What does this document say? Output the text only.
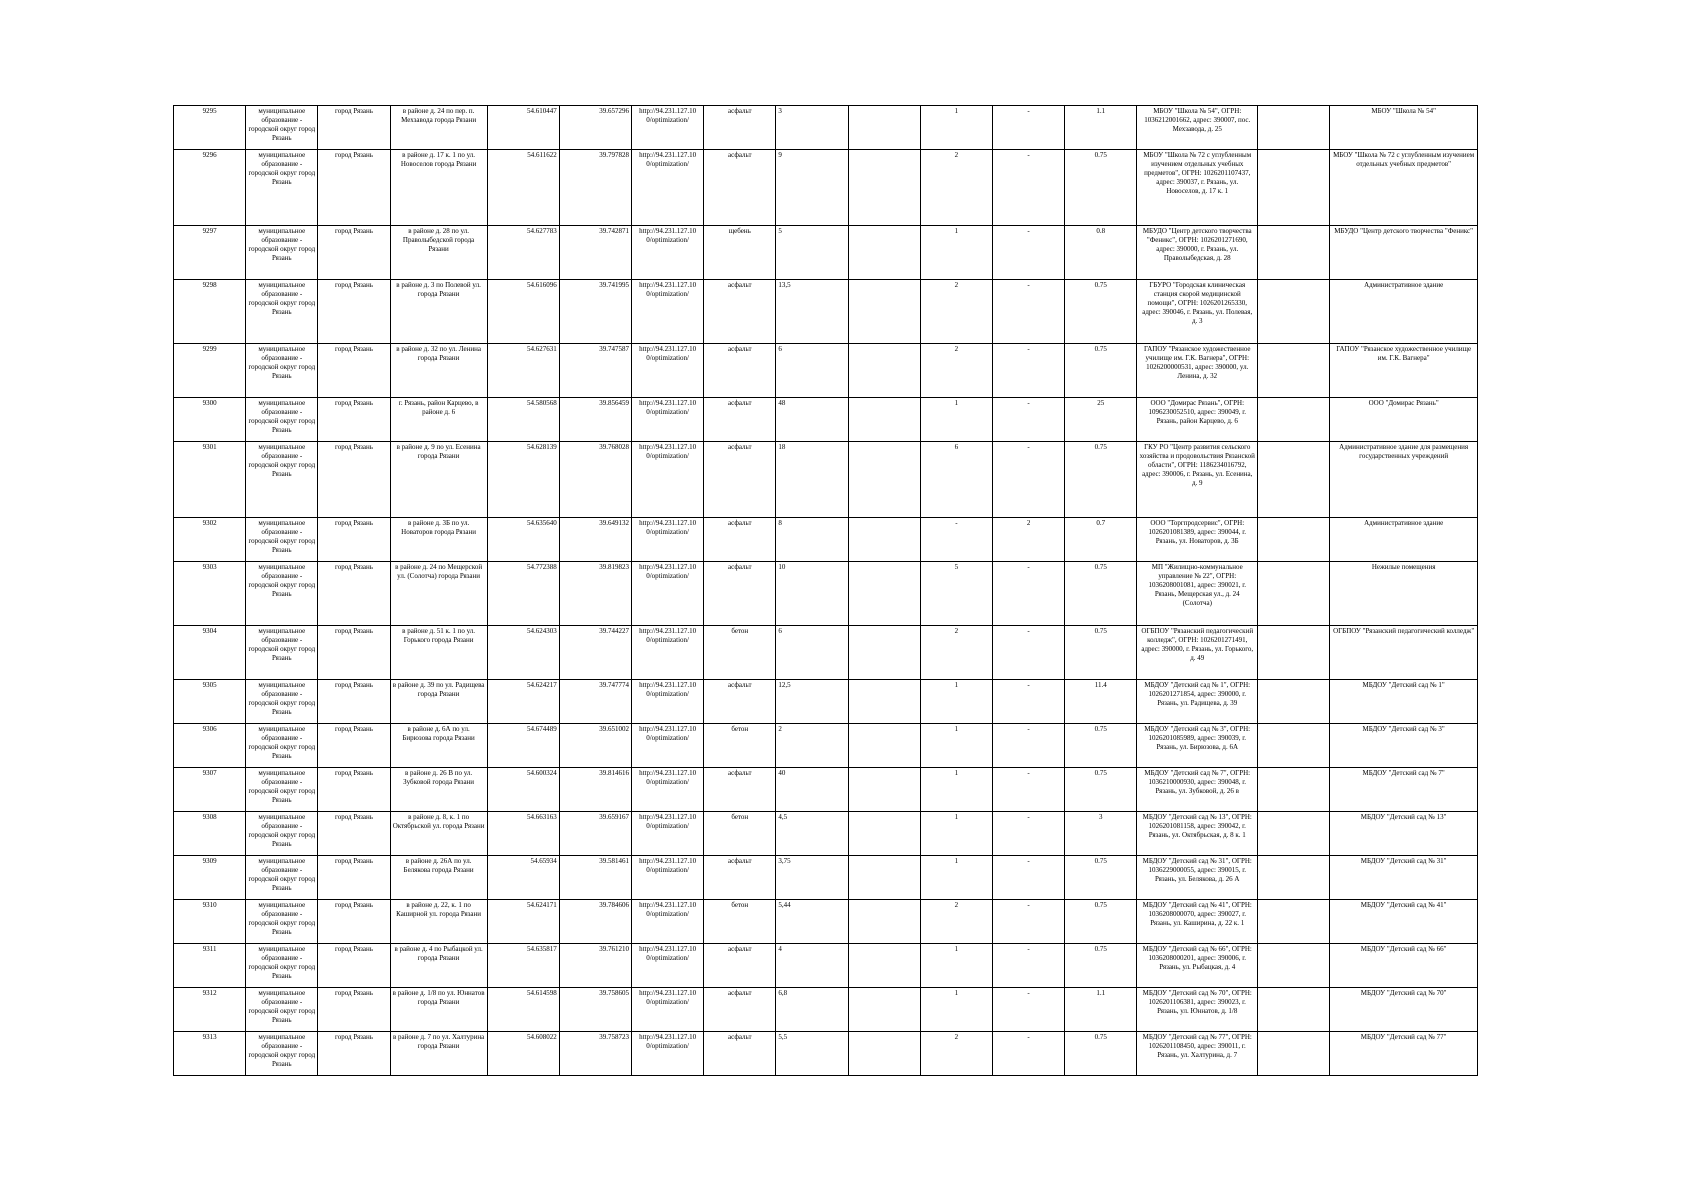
9295	муниципальное образование - городской округ город Рязань	город Рязань	в районе д. 24 по пер. п. Мехзавода города Рязани	54.610447	39.657296	http://94.231.127.10 0/optimization/	асфальт	3		1	-	1.1	МБОУ "Школа № 54", ОГРН: 1036212001662, адрес: 390007, пос. Мехзавода, д. 25		МБОУ "Школа № 54"
9296	муниципальное образование - городской округ город Рязань	город Рязань	в районе д. 17 к. 1 по ул. Новоселов города Рязани	54.611622	39.797828	http://94.231.127.10 0/optimization/	асфальт	9		2	-	0.75	МБОУ "Школа № 72 с углубленным изучением отдельных учебных предметов", ОГРН: 1026201107437, адрес: 390037, г. Рязань, ул. Новоселов, д. 17 к. 1		МБОУ "Школа № 72 с углубленным изучением отдельных учебных предметов"
9297	муниципальное образование - городской округ город Рязань	город Рязань	в районе д. 28 по ул. Праволыбедской города Рязани	54.627783	39.742871	http://94.231.127.10 0/optimization/	щебень	5		1	-	0.8	МБУДО "Центр детского творчества "Феникс", ОГРН: 1026201271690, адрес: 390000, г. Рязань, ул. Праволыбедская, д. 28		МБУДО "Центр детского творчества "Феникс"
9298	муниципальное образование - городской округ город Рязань	город Рязань	в районе д. 3 по Полевой ул. города Рязани	54.616096	39.741995	http://94.231.127.10 0/optimization/	асфальт	13,5		2	-	0.75	ГБУРО "Городская клиническая станция скорой медицинской помощи", ОГРН: 1026201265330, адрес: 390046, г. Рязань, ул. Полевая, д. 3		Административное здание
9299	муниципальное образование - городской округ город Рязань	город Рязань	в районе д. 32 по ул. Ленина города Рязани	54.627631	39.747587	http://94.231.127.10 0/optimization/	асфальт	6		2	-	0.75	ГАПОУ "Рязанское художественное училище им. Г.К. Вагнера", ОГРН: 1026200000531, адрес: 390000, ул. Ленина, д. 32		ГАПОУ "Рязанское художественное училище им. Г.К. Вагнера"
9300	муниципальное образование - городской округ город Рязань	город Рязань	г. Рязань, район Карцево, в районе д. 6	54.580568	39.856459	http://94.231.127.10 0/optimization/	асфальт	48		1	-	25	ООО "Домирас Рязань", ОГРН: 1096230052510, адрес: 390049, г. Рязань, район Карцево, д. 6		ООО "Домирас Рязань"
9301	муниципальное образование - городской округ город Рязань	город Рязань	в районе д. 9 по ул. Есенина города Рязани	54.628139	39.768028	http://94.231.127.10 0/optimization/	асфальт	18		6	-	0.75	ГКУ РО "Центр развития сельского хозяйства и продовольствия Рязанской области", ОГРН: 1186234016792, адрес: 390006, г. Рязань, ул. Есенина, д. 9		Административное здание для размещения государственных учреждений
9302	муниципальное образование - городской округ город Рязань	город Рязань	в районе д. 3Б по ул. Новаторов города Рязани	54.635640	39.649132	http://94.231.127.10 0/optimization/	асфальт	8		-	2	0.7	ООО "Торгпродсервис", ОГРН: 1026201081389, адрес: 390044, г. Рязань, ул. Новаторов, д. 3Б		Административное здание
9303	муниципальное образование - городской округ город Рязань	город Рязань	в районе д. 24 по Мещерской ул. (Солотча) города Рязани	54.772388	39.819823	http://94.231.127.10 0/optimization/	асфальт	10		5	-	0.75	МП "Жилищно-коммунальное управление № 22", ОГРН: 1036208001081, адрес: 390021, г. Рязань, Мещерская ул., д. 24 (Солотча)		Нежилые помещения
9304	муниципальное образование - городской округ город Рязань	город Рязань	в районе д. 51 к. 1 по ул. Горького города Рязани	54.624303	39.744227	http://94.231.127.10 0/optimization/	бетон	6		2	-	0.75	ОГБПОУ "Рязанский педагогический колледж", ОГРН: 1026201271491, адрес: 390000, г. Рязань, ул. Горького, д. 49		ОГБПОУ "Рязанский педагогический колледж"
9305	муниципальное образование - городской округ город Рязань	город Рязань	в районе д. 39 по ул. Радищева города Рязани	54.624217	39.747774	http://94.231.127.10 0/optimization/	асфальт	12,5		1	-	11.4	МБДОУ "Детский сад № 1", ОГРН: 1026201271854, адрес: 390000, г. Рязань, ул. Радищева, д. 39		МБДОУ "Детский сад № 1"
9306	муниципальное образование - городской округ город Рязань	город Рязань	в районе д. 6А по ул. Бирюзова города Рязани	54.674489	39.651002	http://94.231.127.10 0/optimization/	бетон	2		1	-	0.75	МБДОУ "Детский сад № 3", ОГРН: 1026201085989, адрес: 390039, г. Рязань, ул. Бирюзова, д. 6А		МБДОУ "Детский сад № 3"
9307	муниципальное образование - городской округ город Рязань	город Рязань	в районе д. 26 В по ул. Зубковой города Рязани	54.600324	39.814616	http://94.231.127.10 0/optimization/	асфальт	40		1	-	0.75	МБДОУ "Детский сад № 7", ОГРН: 1036210000930, адрес: 390048, г. Рязань, ул. Зубковой, д. 26 в		МБДОУ "Детский сад № 7"
9308	муниципальное образование - городской округ город Рязань	город Рязань	в районе д. 8, к. 1 по Октябрьской ул. города Рязани	54.663163	39.659167	http://94.231.127.10 0/optimization/	бетон	4,5		1	-	3	МБДОУ "Детский сад № 13", ОГРН: 1026201081158, адрес: 390042, г. Рязань, ул. Октябрьская, д. 8 к. 1		МБДОУ "Детский сад № 13"
9309	муниципальное образование - городской округ город Рязань	город Рязань	в районе д. 26А по ул. Белякова города Рязани	54.65934	39.581461	http://94.231.127.10 0/optimization/	асфальт	3,75		1	-	0.75	МБДОУ "Детский сад № 31", ОГРН: 1036229000055, адрес: 390015, г. Рязань, ул. Белякова, д. 26 А		МБДОУ "Детский сад № 31"
9310	муниципальное образование - городской округ город Рязань	город Рязань	в районе д. 22, к. 1 по Каширной ул. города Рязани	54.624171	39.784606	http://94.231.127.10 0/optimization/	бетон	5,44		2	-	0.75	МБДОУ "Детский сад № 41", ОГРН: 1036208000070, адрес: 390027, г. Рязань, ул. Каширина, д. 22 к. 1		МБДОУ "Детский сад № 41"
9311	муниципальное образование - городской округ город Рязань	город Рязань	в районе д. 4 по Рыбацкой ул. города Рязани	54.635817	39.761210	http://94.231.127.10 0/optimization/	асфальт	4		1	-	0.75	МБДОУ "Детский сад № 66", ОГРН: 1036208000201, адрес: 390006, г. Рязань, ул. Рыбацкая, д. 4		МБДОУ "Детский сад № 66"
9312	муниципальное образование - городской округ город Рязань	город Рязань	в районе д. 1/8 по ул. Юннатов города Рязани	54.614598	39.758605	http://94.231.127.10 0/optimization/	асфальт	6,8		1	-	1.1	МБДОУ "Детский сад № 70", ОГРН: 1026201106381, адрес: 390023, г. Рязань, ул. Юннатов, д. 1/8		МБДОУ "Детский сад № 70"
9313	муниципальное образование - городской округ город Рязань	город Рязань	в районе д. 7 по ул. Халтурина города Рязани	54.608022	39.758723	http://94.231.127.10 0/optimization/	асфальт	5,5		2	-	0.75	МБДОУ "Детский сад № 77", ОГРН: 1026201108450, адрес: 390011, г. Рязань, ул. Халтурина, д. 7		МБДОУ "Детский сад № 77"
